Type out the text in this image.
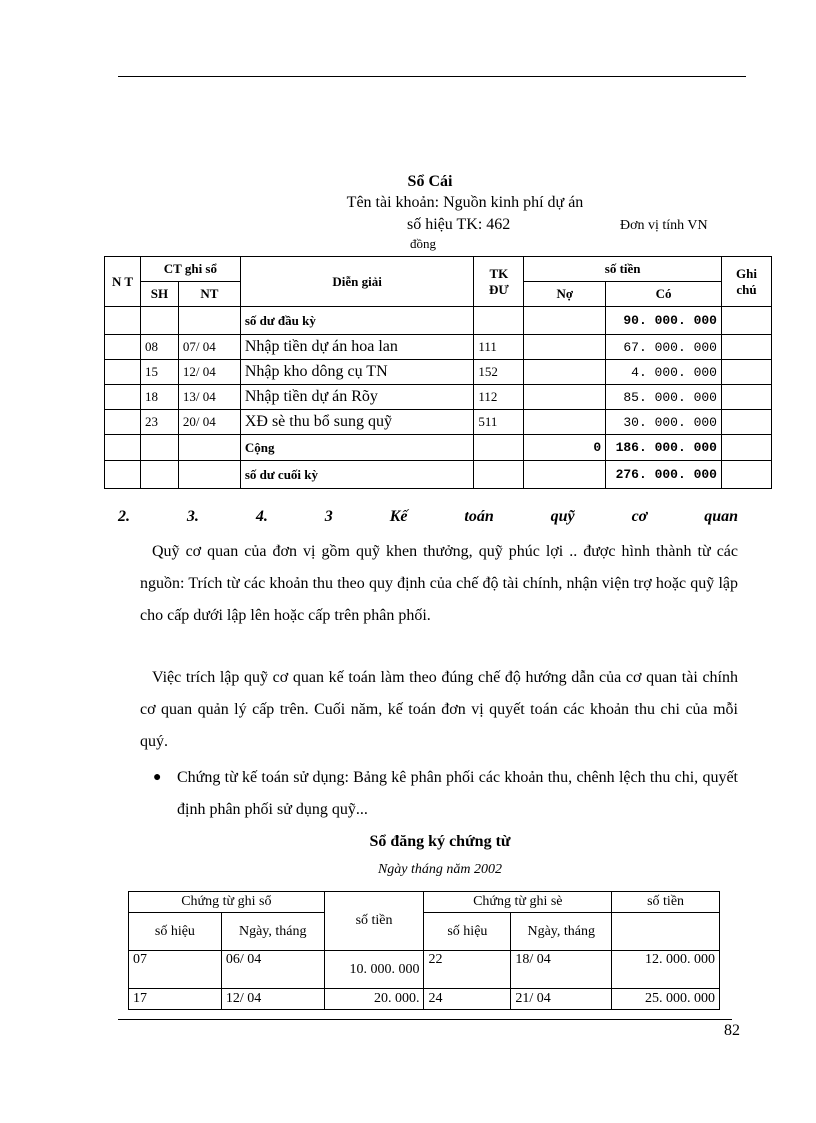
Sổ Cái
Tên tài khoản: Nguồn kinh phí dự án
số hiệu TK: 462	Đơn vị tính VN
đồng
N T	CT ghi sổ		Diễn giải	TK ĐƯ	số tiền		Ghi chú
	SH	NT			Nợ	Có	
			số dư đầu kỳ			90. 000. 000	
	08	07/ 04	Nhập tiền dự án hoa lan	111		67. 000. 000	
	15	12/ 04	Nhập kho dông cụ TN	152		4. 000. 000	
	18	13/ 04	Nhập tiền dự án Rõy	112		85. 000. 000	
	23	20/ 04	XĐ sè thu bổ sung quỹ	511		30. 000. 000	
			Cộng		0	186. 000. 000	
			số dư cuối kỳ			276. 000. 000	
2.	3.	4.	3	Kế	toán	quỹ	cơ	quan
Quỹ cơ quan của đơn vị gồm quỹ khen thưởng, quỹ phúc lợi .. được hình thành từ các nguồn: Trích từ các khoản thu theo quy định của chế độ tài chính, nhận viện trợ hoặc quỹ lập cho cấp dưới lập lên hoặc cấp trên phân phối.
Việc trích lập quỹ cơ quan kế toán làm theo đúng chế độ hướng dẫn của cơ quan tài chính cơ quan quản lý cấp trên. Cuối năm, kế toán đơn vị quyết toán các khoản thu chi của mỗi quý.
● Chứng từ kế toán sử dụng: Bảng kê phân phối các khoản thu, chênh lệch thu chi, quyết định phân phối sử dụng quỹ...
Sổ đăng ký chứng từ
Ngày tháng năm 2002
Chứng từ ghi sổ		số tiền	Chứng từ ghi sè		số tiền
số hiệu	Ngày, tháng		số hiệu	Ngày, tháng	
07	06/ 04	10. 000. 000	22	18/ 04	12. 000. 000
17	12/ 04	20. 000.	24	21/ 04	25. 000. 000
82
